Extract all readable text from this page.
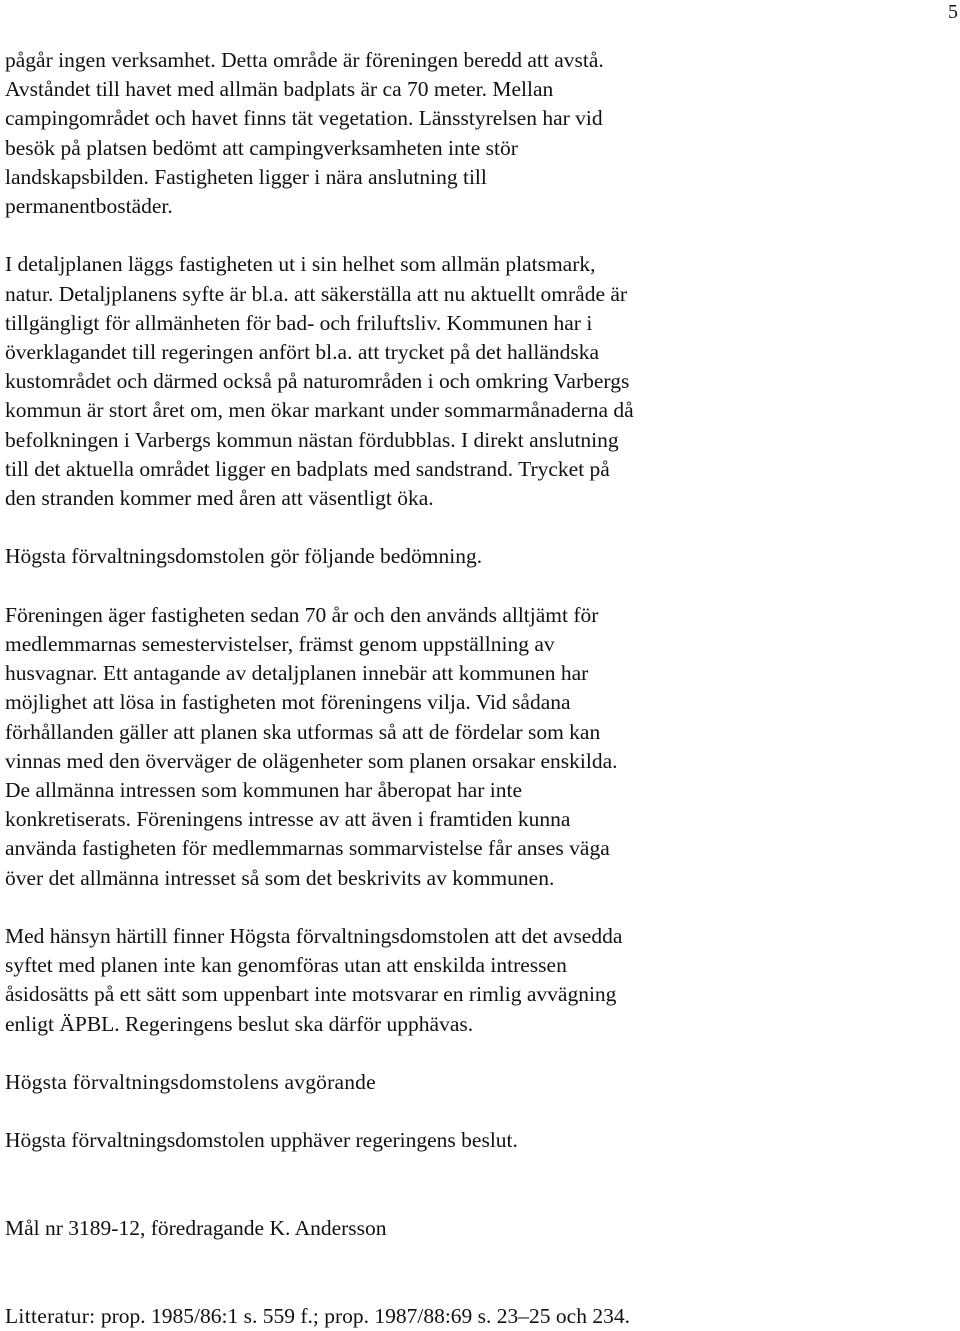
5

pågår ingen verksamhet. Detta område är föreningen beredd att avstå.
Avståndet till havet med allmän badplats är ca 70 meter. Mellan
campingområdet och havet finns tät vegetation. Länsstyrelsen har vid
besök på platsen bedömt att campingverksamheten inte stör
landskapsbilden. Fastigheten ligger i nära anslutning till
permanentbostäder.

I detaljplanen läggs fastigheten ut i sin helhet som allmän platsmark,
natur. Detaljplanens syfte är bl.a. att säkerställa att nu aktuellt område är
tillgängligt för allmänheten för bad- och friluftsliv. Kommunen har i
överklagandet till regeringen anfört bl.a. att trycket på det halländska
kustområdet och därmed också på naturområden i och omkring Varbergs
kommun är stort året om, men ökar markant under sommarmånaderna då
befolkningen i Varbergs kommun nästan fördubblas. I direkt anslutning
till det aktuella området ligger en badplats med sandstrand. Trycket på
den stranden kommer med åren att väsentligt öka.

Högsta förvaltningsdomstolen gör följande bedömning.

Föreningen äger fastigheten sedan 70 år och den används alltjämt för
medlemmarnas semestervistelser, främst genom uppställning av
husvagnar. Ett antagande av detaljplanen innebär att kommunen har
möjlighet att lösa in fastigheten mot föreningens vilja. Vid sådana
förhållanden gäller att planen ska utformas så att de fördelar som kan
vinnas med den överväger de olägenheter som planen orsakar enskilda.
De allmänna intressen som kommunen har åberopat har inte
konkretiserats. Föreningens intresse av att även i framtiden kunna
använda fastigheten för medlemmarnas sommarvistelse får anses väga
över det allmänna intresset så som det beskrivits av kommunen.

Med hänsyn härtill finner Högsta förvaltningsdomstolen att det avsedda
syftet med planen inte kan genomföras utan att enskilda intressen
åsidosätts på ett sätt som uppenbart inte motsvarar en rimlig avvägning
enligt ÄPBL. Regeringens beslut ska därför upphävas.

Högsta förvaltningsdomstolens avgörande

Högsta förvaltningsdomstolen upphäver regeringens beslut.

Mål nr 3189-12, föredragande K. Andersson

Litteratur: prop. 1985/86:1 s. 559 f.; prop. 1987/88:69 s. 23–25 och 234.
